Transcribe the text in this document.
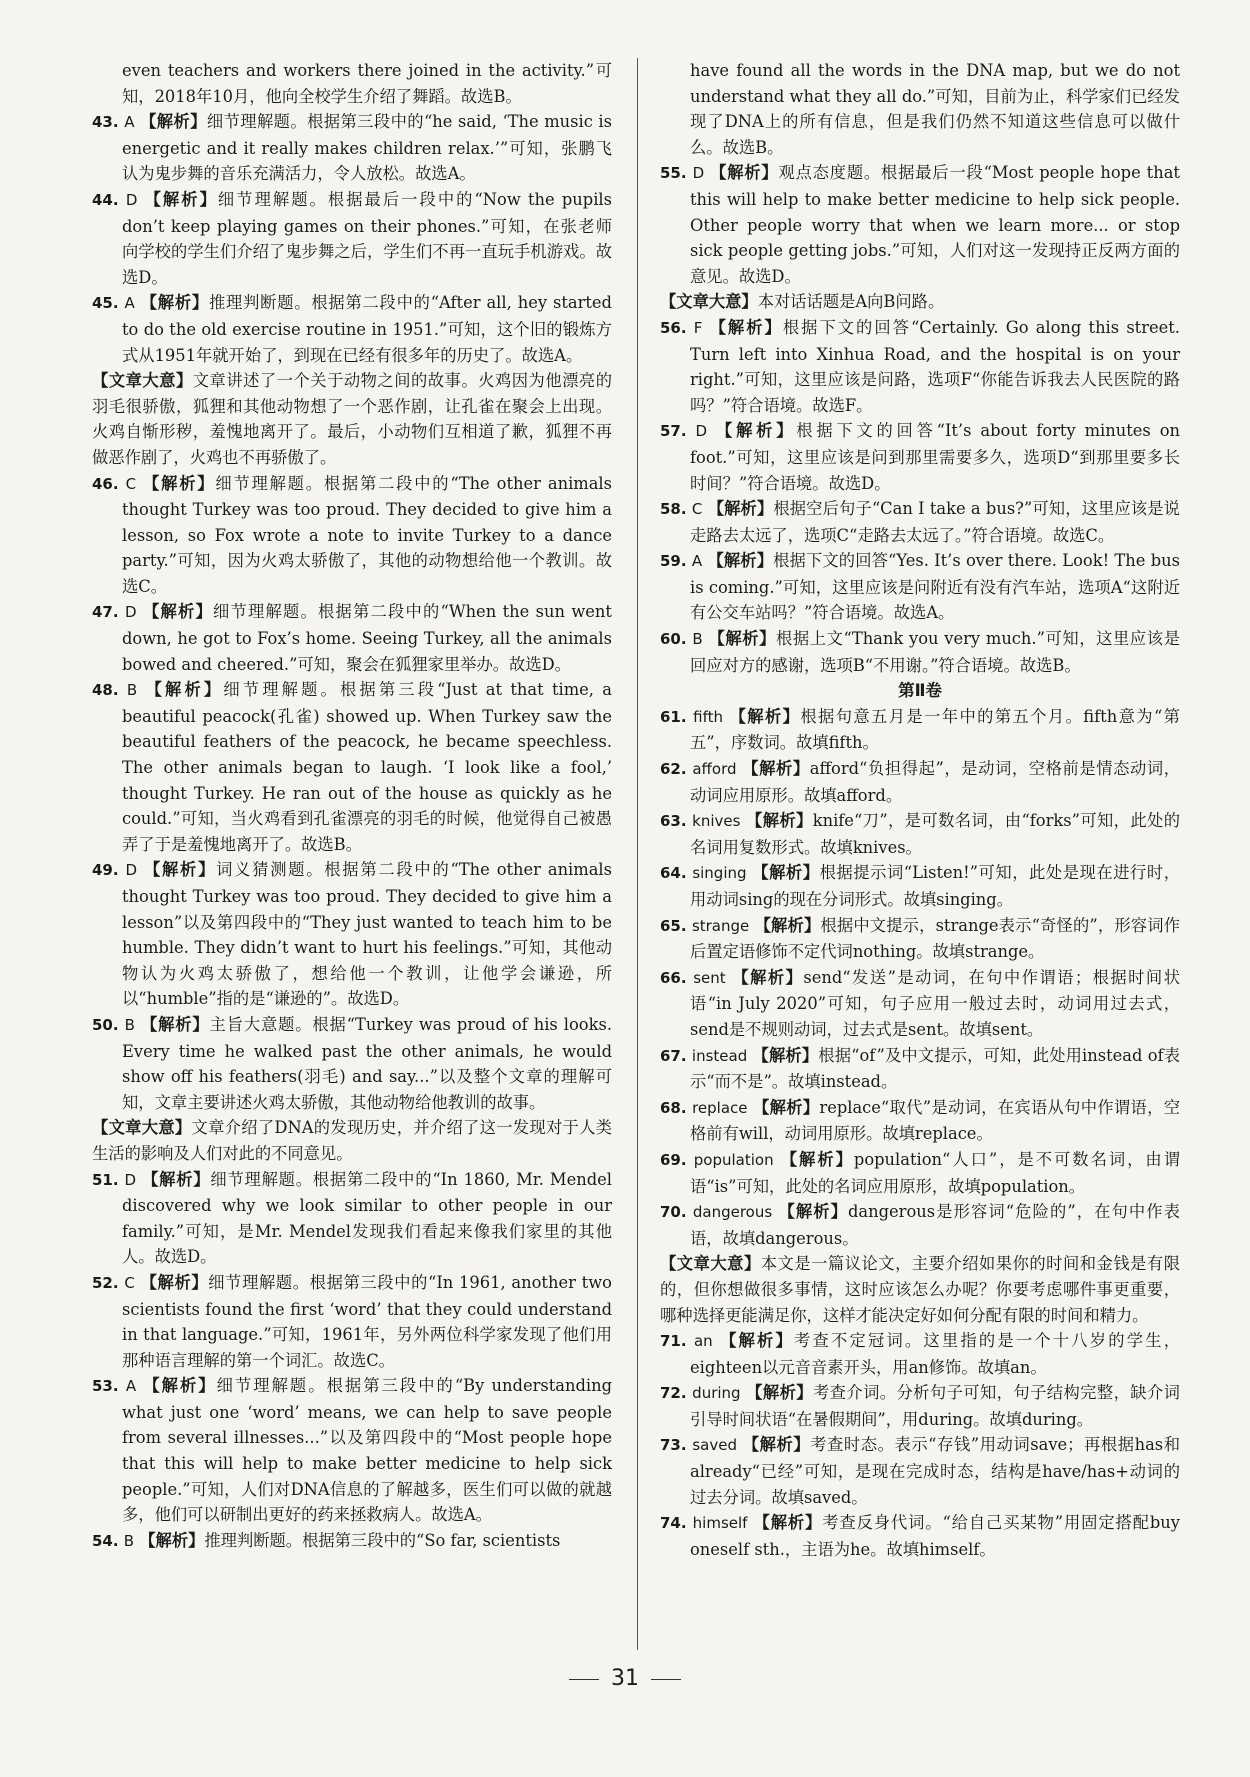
even teachers and workers there joined in the activity.”可知，2018年10月，他向全校学生介绍了舞蹈。故选B。

43. A 【解析】细节理解题。根据第三段中的“he said, ‘The music is energetic and it really makes children relax.’”可知，张鹏飞认为鬼步舞的音乐充满活力，令人放松。故选A。

44. D 【解析】细节理解题。根据最后一段中的“Now the pupils don’t keep playing games on their phones.”可知，在张老师向学校的学生们介绍了鬼步舞之后，学生们不再一直玩手机游戏。故选D。

45. A 【解析】推理判断题。根据第二段中的“After all, hey started to do the old exercise routine in 1951.”可知，这个旧的锻炼方式从1951年就开始了，到现在已经有很多年的历史了。故选A。

【文章大意】文章讲述了一个关于动物之间的故事。火鸡因为他漂亮的羽毛很骄傲，狐狸和其他动物想了一个恶作剧，让孔雀在聚会上出现。火鸡自惭形秽，羞愧地离开了。最后，小动物们互相道了歉，狐狸不再做恶作剧了，火鸡也不再骄傲了。

46. C 【解析】细节理解题。根据第二段中的“The other animals thought Turkey was too proud. They decided to give him a lesson, so Fox wrote a note to invite Turkey to a dance party.”可知，因为火鸡太骄傲了，其他的动物想给他一个教训。故选C。

47. D 【解析】细节理解题。根据第二段中的“When the sun went down, he got to Fox’s home. Seeing Turkey, all the animals bowed and cheered.”可知，聚会在狐狸家里举办。故选D。

48. B 【解析】细节理解题。根据第三段“Just at that time, a beautiful peacock(孔雀) showed up. When Turkey saw the beautiful feathers of the peacock, he became speechless. The other animals began to laugh. ‘I look like a fool,’ thought Turkey. He ran out of the house as quickly as he could.”可知，当火鸡看到孔雀漂亮的羽毛的时候，他觉得自己被愚弄了于是羞愧地离开了。故选B。

49. D 【解析】词义猜测题。根据第二段中的“The other animals thought Turkey was too proud. They decided to give him a lesson”以及第四段中的“They just wanted to teach him to be humble. They didn’t want to hurt his feelings.”可知，其他动物认为火鸡太骄傲了，想给他一个教训，让他学会谦逊，所以“humble”指的是“谦逊的”。故选D。

50. B 【解析】主旨大意题。根据“Turkey was proud of his looks. Every time he walked past the other animals, he would show off his feathers(羽毛) and say...”以及整个文章的理解可知，文章主要讲述火鸡太骄傲，其他动物给他教训的故事。

【文章大意】文章介绍了DNA的发现历史，并介绍了这一发现对于人类生活的影响及人们对此的不同意见。

51. D 【解析】细节理解题。根据第二段中的“In 1860, Mr. Mendel discovered why we look similar to other people in our family.”可知，是Mr. Mendel发现我们看起来像我们家里的其他人。故选D。

52. C 【解析】细节理解题。根据第三段中的“In 1961, another two scientists found the first ‘word’ that they could understand in that language.”可知，1961年，另外两位科学家发现了他们用那种语言理解的第一个词汇。故选C。

53. A 【解析】细节理解题。根据第三段中的“By understanding what just one ‘word’ means, we can help to save people from several illnesses...”以及第四段中的“Most people hope that this will help to make better medicine to help sick people.”可知，人们对DNA信息的了解越多，医生们可以做的就越多，他们可以研制出更好的药来拯救病人。故选A。

54. B 【解析】推理判断题。根据第三段中的“So far, scientists

have found all the words in the DNA map, but we do not understand what they all do.”可知，目前为止，科学家们已经发现了DNA上的所有信息，但是我们仍然不知道这些信息可以做什么。故选B。

55. D 【解析】观点态度题。根据最后一段“Most people hope that this will help to make better medicine to help sick people. Other people worry that when we learn more... or stop sick people getting jobs.”可知，人们对这一发现持正反两方面的意见。故选D。

【文章大意】本对话话题是A向B问路。

56. F 【解析】根据下文的回答“Certainly. Go along this street. Turn left into Xinhua Road, and the hospital is on your right.”可知，这里应该是问路，选项F“你能告诉我去人民医院的路吗？”符合语境。故选F。

57. D 【解析】根据下文的回答“It’s about forty minutes on foot.”可知，这里应该是问到那里需要多久，选项D“到那里要多长时间？”符合语境。故选D。

58. C 【解析】根据空后句子“Can I take a bus?”可知，这里应该是说走路去太远了，选项C“走路去太远了。”符合语境。故选C。

59. A 【解析】根据下文的回答“Yes. It’s over there. Look! The bus is coming.”可知，这里应该是问附近有没有汽车站，选项A“这附近有公交车站吗？”符合语境。故选A。

60. B 【解析】根据上文“Thank you very much.”可知，这里应该是回应对方的感谢，选项B“不用谢。”符合语境。故选B。

第Ⅱ卷

61. fifth 【解析】根据句意五月是一年中的第五个月。fifth意为“第五”，序数词。故填fifth。

62. afford 【解析】afford“负担得起”，是动词，空格前是情态动词，动词应用原形。故填afford。

63. knives 【解析】knife“刀”，是可数名词，由“forks”可知，此处的名词用复数形式。故填knives。

64. singing 【解析】根据提示词“Listen!”可知，此处是现在进行时，用动词sing的现在分词形式。故填singing。

65. strange 【解析】根据中文提示，strange表示“奇怪的”，形容词作后置定语修饰不定代词nothing。故填strange。

66. sent 【解析】send“发送”是动词，在句中作谓语；根据时间状语“in July 2020”可知，句子应用一般过去时，动词用过去式，send是不规则动词，过去式是sent。故填sent。

67. instead 【解析】根据“of”及中文提示，可知，此处用instead of表示“而不是”。故填instead。

68. replace 【解析】replace“取代”是动词，在宾语从句中作谓语，空格前有will，动词用原形。故填replace。

69. population 【解析】population“人口”，是不可数名词，由谓语“is”可知，此处的名词应用原形，故填population。

70. dangerous 【解析】dangerous是形容词“危险的”，在句中作表语，故填dangerous。

【文章大意】本文是一篇议论文，主要介绍如果你的时间和金钱是有限的，但你想做很多事情，这时应该怎么办呢？你要考虑哪件事更重要，哪种选择更能满足你，这样才能决定好如何分配有限的时间和精力。

71. an 【解析】考查不定冠词。这里指的是一个十八岁的学生，eighteen以元音音素开头，用an修饰。故填an。

72. during 【解析】考查介词。分析句子可知，句子结构完整，缺介词引导时间状语“在暑假期间”，用during。故填during。

73. saved 【解析】考查时态。表示“存钱”用动词save；再根据has和already“已经”可知，是现在完成时态，结构是have/has+动词的过去分词。故填saved。

74. himself 【解析】考查反身代词。“给自己买某物”用固定搭配buy oneself sth.，主语为he。故填himself。

31
